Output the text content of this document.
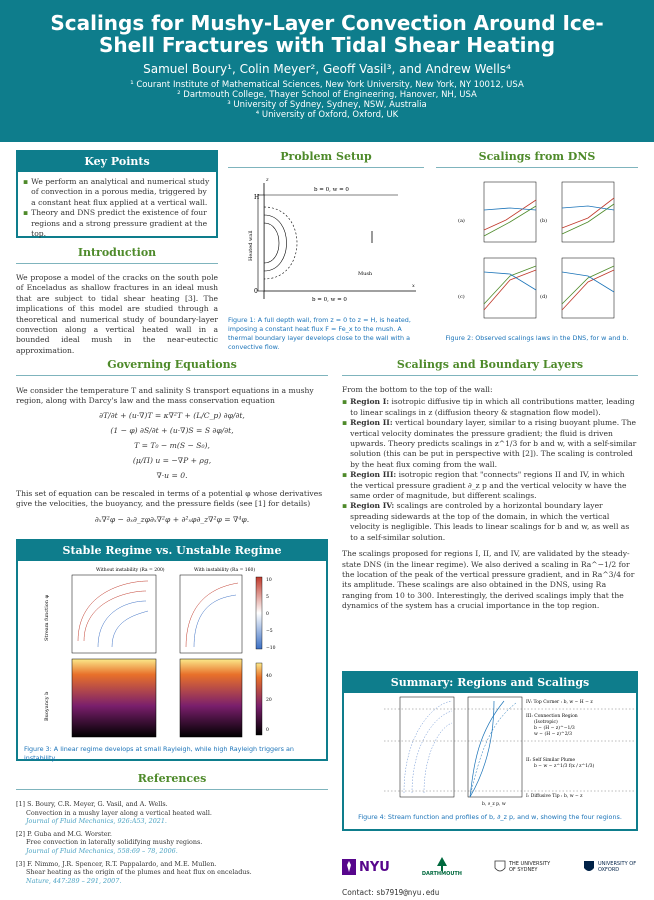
Scalings for Mushy-Layer Convection Around Ice-Shell Fractures with Tidal Shear Heating
Samuel Boury¹, Colin Meyer², Geoff Vasil³, and Andrew Wells⁴
¹ Courant Institute of Mathematical Sciences, New York University, New York, NY 10012, USA
² Dartmouth College, Thayer School of Engineering, Hanover, NH, USA
³ University of Sydney, Sydney, NSW, Australia
⁴ University of Oxford, Oxford, UK
Key Points
▪ We perform an analytical and numerical study of convection in a porous media, triggered by a constant heat flux applied at a vertical wall.
▪ Theory and DNS predict the existence of four regions and a strong pressure gradient at the top.
Introduction
We propose a model of the cracks on the south pole of Enceladus as shallow fractures in an ideal mush that are subject to tidal shear heating [3]. The implications of this model are studied through a theoretical and numerical study of boundary-layer convection along a vertical heated wall in a bounded ideal mush in the near-eutectic approximation.
Problem Setup
H
0
z
x
b = 0, w = 0
b = 0, w = 0
Heated wall
Mush
Figure 1: A full depth wall, from z = 0 to z = H, is heated, imposing a constant heat flux F = Fe_x to the mush. A thermal boundary layer develops close to the wall with a convective flow.
Scalings from DNS
(a)	(b)
(c)	(d)
Figure 2: Observed scalings laws in the DNS, for w and b.
Governing Equations
We consider the temperature T and salinity S transport equations in a mushy region, along with Darcy's law and the mass conservation equation
∂T/∂t + (u·∇)T = κ∇²T + (L/C_p) ∂φ/∂t,
(1 − φ) ∂S/∂t + (u·∇)S = S ∂φ/∂t,
T = T₀ − m(S − S₀),
(μ/Π) u = −∇P + ρg,
∇·u = 0.
This set of equation can be rescaled in terms of a potential φ whose derivatives give the velocities, the buoyancy, and the pressure fields (see [1] for details)
∂ₓ∇²φ − ∂ₓ∂_zφ∂ₓ∇²φ + ∂²ₓφ∂_z∇²φ = ∇⁴φ.
Stable Regime vs. Unstable Regime
Without instability (Ra = 200)	With instability (Ra = 160)
10
5
0
−5
−10
40
20
0
Stream function φ
Buoyancy b
Figure 3: A linear regime develops at small Rayleigh, while high Rayleigh triggers an instability.
References
[1] S. Boury, C.R. Meyer, G. Vasil, and A. Wells.
Convection in a mushy layer along a vertical heated wall.
Journal of Fluid Mechanics, 926:A53, 2021.
[2] P. Guba and M.G. Worster.
Free convection in laterally solidifying mushy regions.
Journal of Fluid Mechanics, 558:69 – 78, 2006.
[3] F. Nimmo, J.R. Spencer, R.T. Pappalardo, and M.E. Mullen.
Shear heating as the origin of the plumes and heat flux on enceladus.
Nature, 447:289 – 291, 2007.
Scalings and Boundary Layers
From the bottom to the top of the wall:
▪ Region I: isotropic diffusive tip in which all contributions matter, leading to linear scalings in z (diffusion theory & stagnation flow model).
▪ Region II: vertical boundary layer, similar to a rising buoyant plume. The vertical velocity dominates the pressure gradient; the fluid is driven upwards. Theory predicts scalings in z^1/3 for b and w, with a self-similar solution (this can be put in perspective with [2]). The scaling is controled by the heat flux coming from the wall.
▪ Region III: isotropic region that "connects" regions II and IV, in which the vertical pressure gradient ∂_z p and the vertical velocity w have the same order of magnitude, but different scalings.
▪ Region IV: scalings are controled by a horizontal boundary layer spreading sidewards at the top of the domain, in which the vertical velocity is negligible. This leads to linear scalings for b and w, as well as to a self-similar solution.
The scalings proposed for regions I, II, and IV, are validated by the steady-state DNS (in the linear regime). We also derived a scaling in Ra^−1/2 for the location of the peak of the vertical pressure gradient, and in Ra^3/4 for its amplitude. These scalings are also obtained in the DNS, using Ra ranging from 10 to 300. Interestingly, the derived scalings imply that the dynamics of the system has a crucial importance in the top region.
Summary: Regions and Scalings
IV: Top Corner : b, w ∼ H − z
III: Connection Region
(Isotropic)
b ∼ (H − z)^−1/3
w ∼ (H − z)^2/3
II: Self Similar Plume
b ∼ w ∼ z^1/3 f(x / z^1/3)
I: Diffusive Tip : b, w ∼ z
b, ∂_z p, w
Figure 4: Stream function and profiles of b, ∂_z p, and w, showing the four regions.
NYU	DARTHMOUTH
THE UNIVERSITY OF SYDNEY
UNIVERSITY OF OXFORD
Contact: sb7919@nyu.edu
